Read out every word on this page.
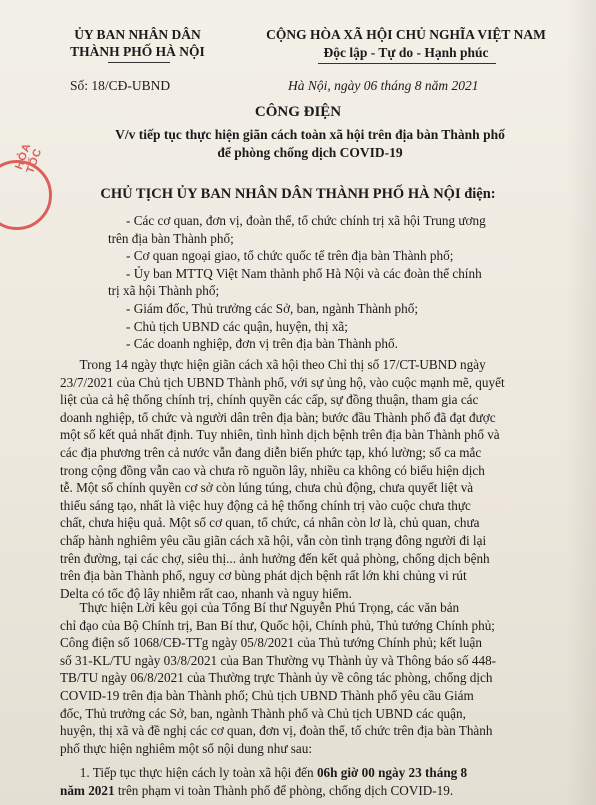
HỎA TỐC
ỦY BAN NHÂN DÂN
THÀNH PHỐ HÀ NỘI
CỘNG HÒA XÃ HỘI CHỦ NGHĨA VIỆT NAM
Độc lập - Tự do - Hạnh phúc
Số: 18/CĐ-UBND	Hà Nội, ngày 06 tháng 8 năm 2021
CÔNG ĐIỆN
V/v tiếp tục thực hiện giãn cách toàn xã hội trên địa bàn Thành phố
để phòng chống dịch COVID-19
CHỦ TỊCH ỦY BAN NHÂN DÂN THÀNH PHỐ HÀ NỘI điện:
- Các cơ quan, đơn vị, đoàn thể, tổ chức chính trị xã hội Trung ương
trên địa bàn Thành phố;
- Cơ quan ngoại giao, tổ chức quốc tế trên địa bàn Thành phố;
- Ủy ban MTTQ Việt Nam thành phố Hà Nội và các đoàn thể chính
trị xã hội Thành phố;
- Giám đốc, Thủ trưởng các Sở, ban, ngành Thành phố;
- Chủ tịch UBND các quận, huyện, thị xã;
- Các doanh nghiệp, đơn vị trên địa bàn Thành phố.
Trong 14 ngày thực hiện giãn cách xã hội theo Chỉ thị số 17/CT-UBND ngày
23/7/2021 của Chủ tịch UBND Thành phố, với sự ủng hộ, vào cuộc mạnh mẽ, quyết
liệt của cả hệ thống chính trị, chính quyền các cấp, sự đồng thuận, tham gia các
doanh nghiệp, tổ chức và người dân trên địa bàn; bước đầu Thành phố đã đạt được
một số kết quả nhất định. Tuy nhiên, tình hình dịch bệnh trên địa bàn Thành phố và
các địa phương trên cả nước vẫn đang diễn biến phức tạp, khó lường; số ca mắc
trong cộng đồng vẫn cao và chưa rõ nguồn lây, nhiều ca không có biểu hiện dịch
tễ. Một số chính quyền cơ sở còn lúng túng, chưa chủ động, chưa quyết liệt và
thiếu sáng tạo, nhất là việc huy động cả hệ thống chính trị vào cuộc chưa thực
chất, chưa hiệu quả. Một số cơ quan, tổ chức, cá nhân còn lơ là, chủ quan, chưa
chấp hành nghiêm yêu cầu giãn cách xã hội, vẫn còn tình trạng đông người đi lại
trên đường, tại các chợ, siêu thị... ảnh hưởng đến kết quả phòng, chống dịch bệnh
trên địa bàn Thành phố, nguy cơ bùng phát dịch bệnh rất lớn khi chủng vi rút
Delta có tốc độ lây nhiễm rất cao, nhanh và nguy hiểm.
Thực hiện Lời kêu gọi của Tổng Bí thư Nguyễn Phú Trọng, các văn bản
chỉ đạo của Bộ Chính trị, Ban Bí thư, Quốc hội, Chính phủ, Thủ tướng Chính phủ;
Công điện số 1068/CĐ-TTg ngày 05/8/2021 của Thủ tướng Chính phủ; kết luận
số 31-KL/TU ngày 03/8/2021 của Ban Thường vụ Thành ủy và Thông báo số 448-
TB/TU ngày 06/8/2021 của Thường trực Thành ủy về công tác phòng, chống dịch
COVID-19 trên địa bàn Thành phố; Chủ tịch UBND Thành phố yêu cầu Giám
đốc, Thủ trưởng các Sở, ban, ngành Thành phố và Chủ tịch UBND các quận,
huyện, thị xã và đề nghị các cơ quan, đơn vị, đoàn thể, tổ chức trên địa bàn Thành
phố thực hiện nghiêm một số nội dung như sau:
1. Tiếp tục thực hiện cách ly toàn xã hội đến 06h giờ 00 ngày 23 tháng 8
năm 2021 trên phạm vi toàn Thành phố để phòng, chống dịch COVID-19.
